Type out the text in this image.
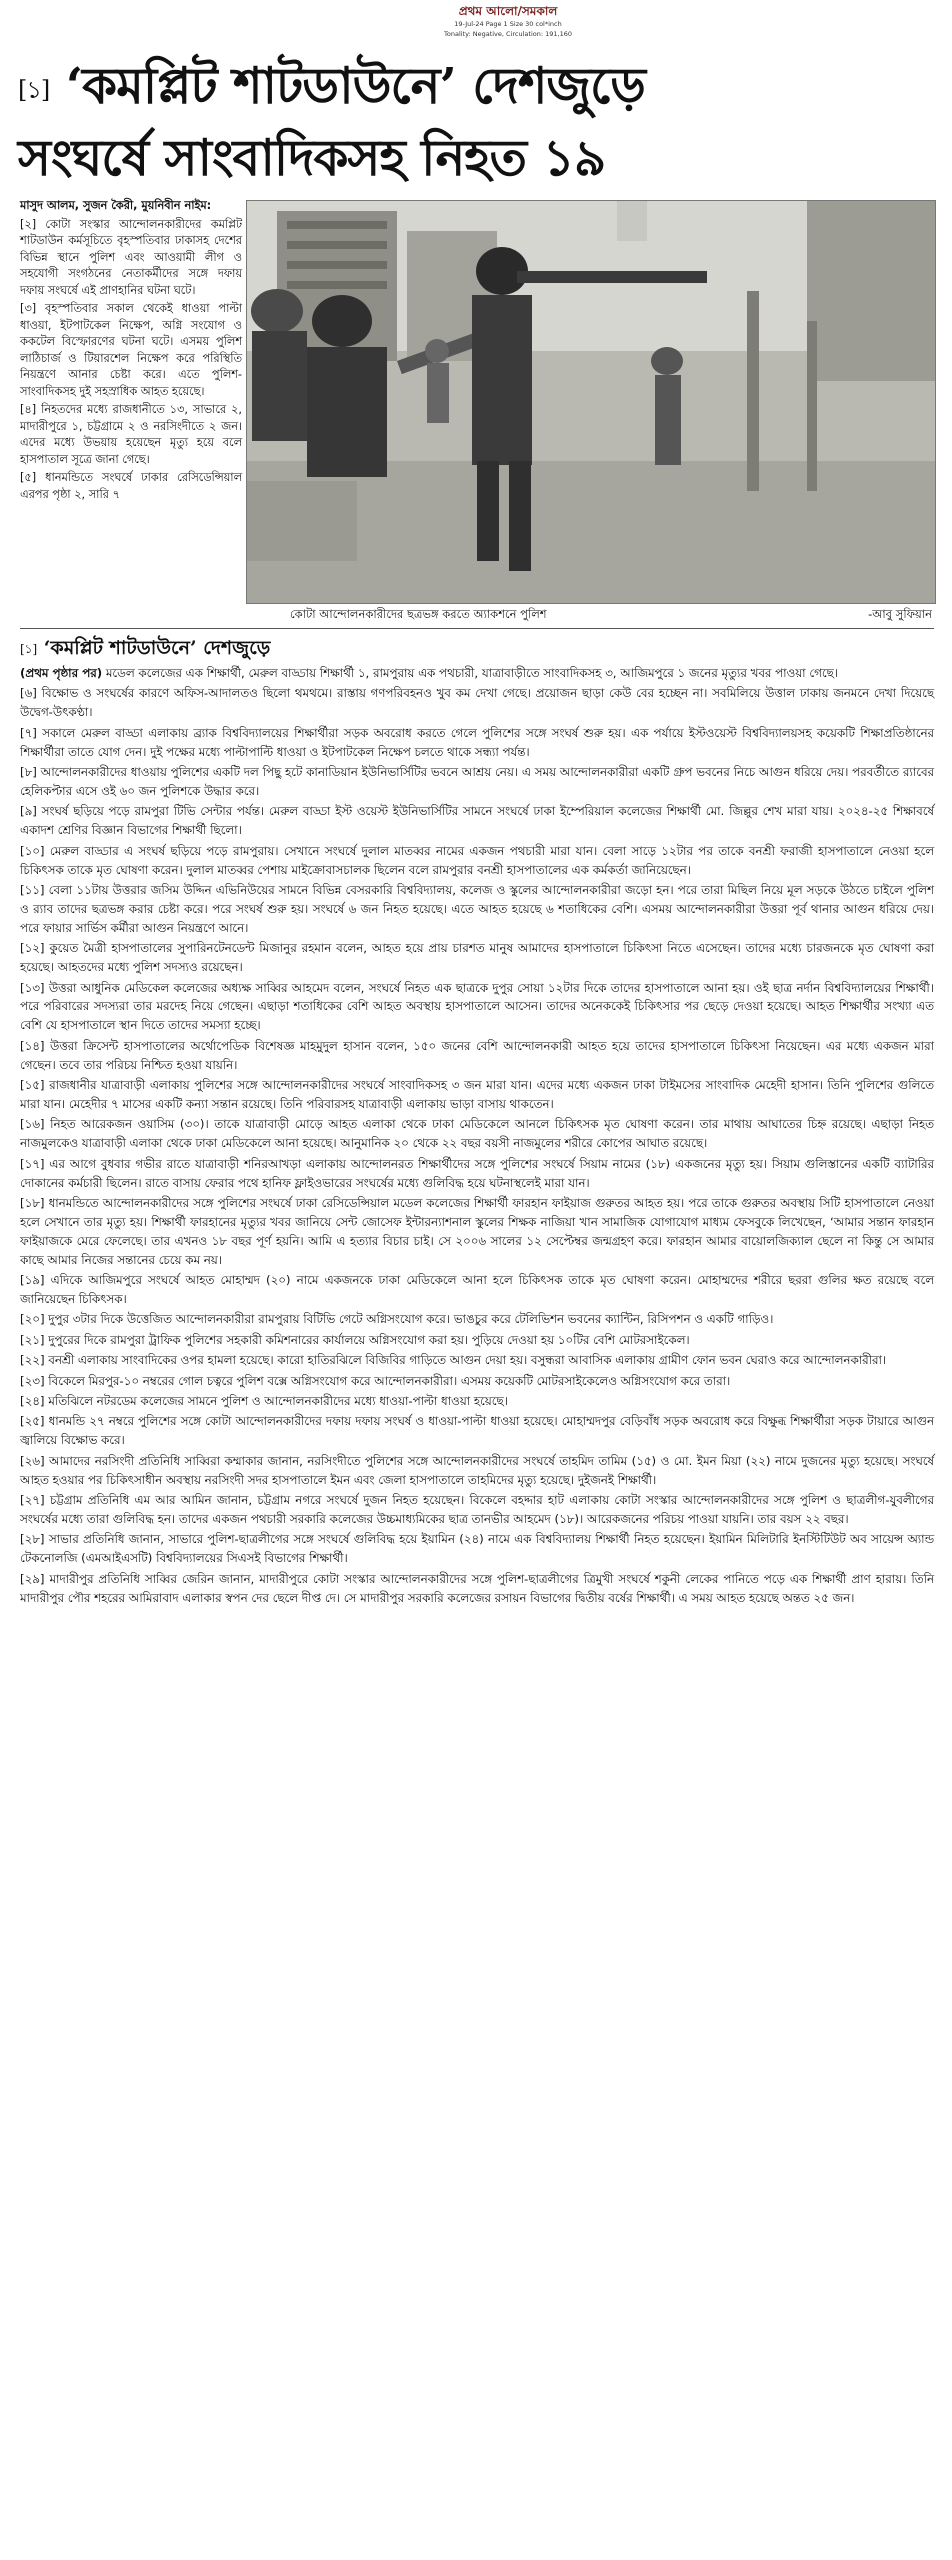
প্রথম আলো/সমকাল
19-Jul-24 Page 1 Size 30 col*inch
Tonality: Negative, Circulation: 191,160
[১] ‘কমপ্লিট শাটডাউনে’ দেশজুড়ে
সংঘর্ষে সাংবাদিকসহ নিহত ১৯

মাসুদ আলম, সুজন কৈরী, মুয়নিবীন নাইম:

[২] কোটা সংস্কার আন্দোলনকারীদের কমপ্লিট শাটডাউন কর্মসূচিতে বৃহস্পতিবার ঢাকাসহ দেশের বিভিন্ন স্থানে পুলিশ এবং আওয়ামী লীগ ও সহযোগী সংগঠনের নেতাকর্মীদের সঙ্গে দফায় দফায় সংঘর্ষে এই প্রাণহানির ঘটনা ঘটে।

[৩] বৃহস্পতিবার সকাল থেকেই ধাওয়া পাল্টা ধাওয়া, ইটপাটকেল নিক্ষেপ, অগ্নি সংযোগ ও ককটেল বিস্ফোরণের ঘটনা ঘটে। এসময় পুলিশ লাঠিচার্জ ও টিয়ারশেল নিক্ষেপ করে পরিস্থিতি নিয়ন্ত্রণে আনার চেষ্টা করে। এতে পুলিশ-সাংবাদিকসহ দুই সহস্রাধিক আহত হয়েছে।

[৪] নিহতদের মধ্যে রাজধানীতে ১৩, সাভারে ২, মাদারীপুরে ১, চট্টগ্রামে ২ ও নরসিংদীতে ২ জন। এদের মধ্যে উভয়ায় হয়েছেন মৃত্যু হয়ে বলে হাসপাতাল সূত্রে জানা গেছে।

[৫] ধানমন্ডিতে সংঘর্ষে ঢাকার রেসিডেন্সিয়াল এরপর পৃষ্ঠা ২, সারি ৭

কোটা আন্দোলনকারীদের ছত্রভঙ্গ করতে অ্যাকশনে পুলিশ	-আবু সুফিয়ান
[১] ‘কমপ্লিট শাটডাউনে’ দেশজুড়ে

(প্রথম পৃষ্ঠার পর) মডেল কলেজের এক শিক্ষার্থী, মেরুল বাড্ডায় শিক্ষার্থী ১, রামপুরায় এক পথচারী, যাত্রাবাড়ীতে সাংবাদিকসহ ৩, আজিমপুরে ১ জনের মৃত্যুর খবর পাওয়া গেছে।

[৬] বিক্ষোভ ও সংঘর্ষের কারণে অফিস-আদালতও ছিলো থমথমে। রাস্তায় গণপরিবহনও খুব কম দেখা গেছে। প্রয়োজন ছাড়া কেউ বের হচ্ছেন না। সবমিলিয়ে উত্তাল ঢাকায় জনমনে দেখা দিয়েছে উদ্বেগ-উৎকণ্ঠা।

[৭] সকালে মেরুল বাড্ডা এলাকায় ব্র্যাক বিশ্ববিদ্যালয়ের শিক্ষার্থীরা সড়ক অবরোধ করতে গেলে পুলিশের সঙ্গে সংঘর্ষ শুরু হয়। এক পর্যায়ে ইস্টওয়েস্ট বিশ্ববিদ্যালয়সহ কয়েকটি শিক্ষাপ্রতিষ্ঠানের শিক্ষার্থীরা তাতে যোগ দেন। দুই পক্ষের মধ্যে পাল্টাপাল্টি ধাওয়া ও ইটপাটকেল নিক্ষেপ চলতে থাকে সন্ধ্যা পর্যন্ত।

[৮] আন্দোলনকারীদের ধাওয়ায় পুলিশের একটি দল পিছু হটে কানাডিয়ান ইউনিভার্সিটির ভবনে আশ্রয় নেয়। এ সময় আন্দোলনকারীরা একটি গ্রুপ ভবনের নিচে আগুন ধরিয়ে দেয়। পরবর্তীতে র‍্যাবের হেলিকপ্টার এসে ওই ৬০ জন পুলিশকে উদ্ধার করে।

[৯] সংঘর্ষ ছড়িয়ে পড়ে রামপুরা টিভি সেন্টার পর্যন্ত। মেরুল বাড্ডা ইস্ট ওয়েস্ট ইউনিভার্সিটির সামনে সংঘর্ষে ঢাকা ইম্পেরিয়াল কলেজের শিক্ষার্থী মো. জিল্লুর শেখ মারা যায়। ২০২৪-২৫ শিক্ষাবর্ষে একাদশ শ্রেণির বিজ্ঞান বিভাগের শিক্ষার্থী ছিলো।

[১০] মেরুল বাড্ডার এ সংঘর্ষ ছড়িয়ে পড়ে রামপুরায়। সেখানে সংঘর্ষে দুলাল মাতব্বর নামের একজন পথচারী মারা যান। বেলা সাড়ে ১২টার পর তাকে বনশ্রী ফরাজী হাসপাতালে নেওয়া হলে চিকিৎসক তাকে মৃত ঘোষণা করেন। দুলাল মাতব্বর পেশায় মাইক্রোবাসচালক ছিলেন বলে রামপুরার বনশ্রী হাসপাতালের এক কর্মকর্তা জানিয়েছেন।

[১১] বেলা ১১টায় উত্তরার জসিম উদ্দিন এভিনিউয়ের সামনে বিভিন্ন বেসরকারি বিশ্ববিদ্যালয়, কলেজ ও স্কুলের আন্দোলনকারীরা জড়ো হন। পরে তারা মিছিল নিয়ে মূল সড়কে উঠতে চাইলে পুলিশ ও র‍্যাব তাদের ছত্রভঙ্গ করার চেষ্টা করে। পরে সংঘর্ষ শুরু হয়। সংঘর্ষে ৬ জন নিহত হয়েছে। এতে আহত হয়েছে ৬ শতাধিকের বেশি। এসময় আন্দোলনকারীরা উত্তরা পূর্ব থানার আগুন ধরিয়ে দেয়। পরে ফায়ার সার্ভিস কর্মীরা আগুন নিয়ন্ত্রণে আনে।

[১২] কুয়েত মৈত্রী হাসপাতালের সুপারিনটেনডেন্ট মিজানুর রহমান বলেন, আহত হয়ে প্রায় চারশত মানুষ আমাদের হাসপাতালে চিকিৎসা নিতে এসেছেন। তাদের মধ্যে চারজনকে মৃত ঘোষণা করা হয়েছে। আহতদের মধ্যে পুলিশ সদস্যও রয়েছেন।

[১৩] উত্তরা আধুনিক মেডিকেল কলেজের অধ্যক্ষ সাব্বির আহমেদ বলেন, সংঘর্ষে নিহত এক ছাত্রকে দুপুর সোয়া ১২টার দিকে তাদের হাসপাতালে আনা হয়। ওই ছাত্র নর্দান বিশ্ববিদ্যালয়ের শিক্ষার্থী। পরে পরিবারের সদস্যরা তার মরদেহ নিয়ে গেছেন। এছাড়া শতাধিকের বেশি আহত অবস্থায় হাসপাতালে আসেন। তাদের অনেককেই চিকিৎসার পর ছেড়ে দেওয়া হয়েছে। আহত শিক্ষার্থীর সংখ্যা এত বেশি যে হাসপাতালে স্থান দিতে তাদের সমস্যা হচ্ছে।

[১৪] উত্তরা ক্রিসেন্ট হাসপাতালের অর্থোপেডিক বিশেষজ্ঞ মাহমুদুল হাসান বলেন, ১৫০ জনের বেশি আন্দোলনকারী আহত হয়ে তাদের হাসপাতালে চিকিৎসা নিয়েছেন। এর মধ্যে একজন মারা গেছেন। তবে তার পরিচয় নিশ্চিত হওয়া যায়নি।

[১৫] রাজধানীর যাত্রাবাড়ী এলাকায় পুলিশের সঙ্গে আন্দোলনকারীদের সংঘর্ষে সাংবাদিকসহ ৩ জন মারা যান। এদের মধ্যে একজন ঢাকা টাইমসের সাংবাদিক মেহেদী হাসান। তিনি পুলিশের গুলিতে মারা যান। মেহেদীর ৭ মাসের একটি কন্যা সন্তান রয়েছে। তিনি পরিবারসহ যাত্রাবাড়ী এলাকায় ভাড়া বাসায় থাকতেন।

[১৬] নিহত আরেকজন ওয়াসিম (৩০)। তাকে যাত্রাবাড়ী মোড়ে আহত এলাকা থেকে ঢাকা মেডিকেলে আনলে চিকিৎসক মৃত ঘোষণা করেন। তার মাথায় আঘাতের চিহ্ন রয়েছে। এছাড়া নিহত নাজমুলকেও যাত্রাবাড়ী এলাকা থেকে ঢাকা মেডিকেলে আনা হয়েছে। আনুমানিক ২০ থেকে ২২ বছর বয়সী নাজমুলের শরীরে কোপের আঘাত রয়েছে।

[১৭] এর আগে বুধবার গভীর রাতে যাত্রাবাড়ী শনিরআখড়া এলাকায় আন্দোলনরত শিক্ষার্থীদের সঙ্গে পুলিশের সংঘর্ষে সিয়াম নামের (১৮) একজনের মৃত্যু হয়। সিয়াম গুলিস্তানের একটি ব্যাটারির দোকানের কর্মচারী ছিলেন। রাতে বাসায় ফেরার পথে হানিফ ফ্লাইওভারের সংঘর্ষের মধ্যে গুলিবিদ্ধ হয়ে ঘটনাস্থলেই মারা যান।

[১৮] ধানমন্ডিতে আন্দোলনকারীদের সঙ্গে পুলিশের সংঘর্ষে ঢাকা রেসিডেন্সিয়াল মডেল কলেজের শিক্ষার্থী ফারহান ফাইয়াজ গুরুতর আহত হয়। পরে তাকে গুরুতর অবস্থায় সিটি হাসপাতালে নেওয়া হলে সেখানে তার মৃত্যু হয়। শিক্ষার্থী ফারহানের মৃত্যুর খবর জানিয়ে সেন্ট জোসেফ ইন্টারন্যাশনাল স্কুলের শিক্ষক নাজিয়া খান সামাজিক যোগাযোগ মাধ্যম ফেসবুকে লিখেছেন, ‘আমার সন্তান ফারহান ফাইয়াজকে মেরে ফেলেছে। তার এখনও ১৮ বছর পূর্ণ হয়নি। আমি এ হত্যার বিচার চাই। সে ২০০৬ সালের ১২ সেপ্টেম্বর জন্মগ্রহণ করে। ফারহান আমার বায়োলজিক্যাল ছেলে না কিন্তু সে আমার কাছে আমার নিজের সন্তানের চেয়ে কম নয়।

[১৯] এদিকে আজিমপুরে সংঘর্ষে আহত মোহাম্মদ (২০) নামে একজনকে ঢাকা মেডিকেলে আনা হলে চিকিৎসক তাকে মৃত ঘোষণা করেন। মোহাম্মদের শরীরে ছররা গুলির ক্ষত রয়েছে বলে জানিয়েছেন চিকিৎসক।

[২০] দুপুর ৩টার দিকে উত্তেজিত আন্দোলনকারীরা রামপুরায় বিটিভি গেটে অগ্নিসংযোগ করে। ভাঙচুর করে টেলিভিশন ভবনের ক্যান্টিন, রিসিপশন ও একটি গাড়িও।

[২১] দুপুরের দিকে রামপুরা ট্রাফিক পুলিশের সহকারী কমিশনারের কার্যালয়ে অগ্নিসংযোগ করা হয়। পুড়িয়ে দেওয়া হয় ১০টির বেশি মোটরসাইকেল।

[২২] বনশ্রী এলাকায় সাংবাদিকের ওপর হামলা হয়েছে। কারো হাতিরঝিলে বিজিবির গাড়িতে আগুন দেয়া হয়। বসুন্ধরা আবাসিক এলাকায় গ্রামীণ ফোন ভবন ঘেরাও করে আন্দোলনকারীরা।

[২৩] বিকেলে মিরপুর-১০ নম্বরের গোল চত্বরে পুলিশ বক্সে অগ্নিসংযোগ করে আন্দোলনকারীরা। এসময় কয়েকটি মোটরসাইকেলেও অগ্নিসংযোগ করে তারা।

[২৪] মতিঝিলে নটরডেম কলেজের সামনে পুলিশ ও আন্দোলনকারীদের মধ্যে ধাওয়া-পাল্টা ধাওয়া হয়েছে।

[২৫] ধানমন্ডি ২৭ নম্বরে পুলিশের সঙ্গে কোটা আন্দোলনকারীদের দফায় দফায় সংঘর্ষ ও ধাওয়া-পাল্টা ধাওয়া হয়েছে। মোহাম্মদপুর বেড়িবাঁধ সড়ক অবরোধ করে বিক্ষুব্ধ শিক্ষার্থীরা সড়ক টায়ারে আগুন জ্বালিয়ে বিক্ষোভ করে।

[২৬] আমাদের নরসিংদী প্রতিনিধি সাব্বিরা কম্মাকার জানান, নরসিংদীতে পুলিশের সঙ্গে আন্দোলনকারীদের সংঘর্ষে তাহমিদ তামিম (১৫) ও মো. ইমন মিয়া (২২) নামে দুজনের মৃত্যু হয়েছে। সংঘর্ষে আহত হওয়ার পর চিকিৎসাধীন অবস্থায় নরসিংদী সদর হাসপাতালে ইমন এবং জেলা হাসপাতালে তাহমিদের মৃত্যু হয়েছে। দুইজনই শিক্ষার্থী।

[২৭] চট্টগ্রাম প্রতিনিধি এম আর আমিন জানান, চট্টগ্রাম নগরে সংঘর্ষে দুজন নিহত হয়েছেন। বিকেলে বহদ্দার হাট এলাকায় কোটা সংস্কার আন্দোলনকারীদের সঙ্গে পুলিশ ও ছাত্রলীগ-যুবলীগের সংঘর্ষের মধ্যে তারা গুলিবিদ্ধ হন। তাদের একজন পথচারী সরকারি কলেজের উচ্চমাধ্যমিকের ছাত্র তানভীর আহমেদ (১৮)। আরেকজনের পরিচয় পাওয়া যায়নি। তার বয়স ২২ বছর।

[২৮] সাভার প্রতিনিধি জানান, সাভারে পুলিশ-ছাত্রলীগের সঙ্গে সংঘর্ষে গুলিবিদ্ধ হয়ে ইয়ামিন (২৪) নামে এক বিশ্ববিদ্যালয় শিক্ষার্থী নিহত হয়েছেন। ইয়ামিন মিলিটারি ইনস্টিটিউট অব সায়েন্স অ্যান্ড টেকনোলজি (এমআইএসটি) বিশ্ববিদ্যালয়ের সিএসই বিভাগের শিক্ষার্থী।

[২৯] মাদারীপুর প্রতিনিধি সাব্বির জেরিন জানান, মাদারীপুরে কোটা সংস্কার আন্দোলনকারীদের সঙ্গে পুলিশ-ছাত্রলীগের ত্রিমুখী সংঘর্ষে শকুনী লেকের পানিতে পড়ে এক শিক্ষার্থী প্রাণ হারায়। তিনি মাদারীপুর পৌর শহরের আমিরাবাদ এলাকার স্বপন দের ছেলে দীপ্ত দে। সে মাদারীপুর সরকারি কলেজের রসায়ন বিভাগের দ্বিতীয় বর্ষের শিক্ষার্থী। এ সময় আহত হয়েছে অন্তত ২৫ জন।
